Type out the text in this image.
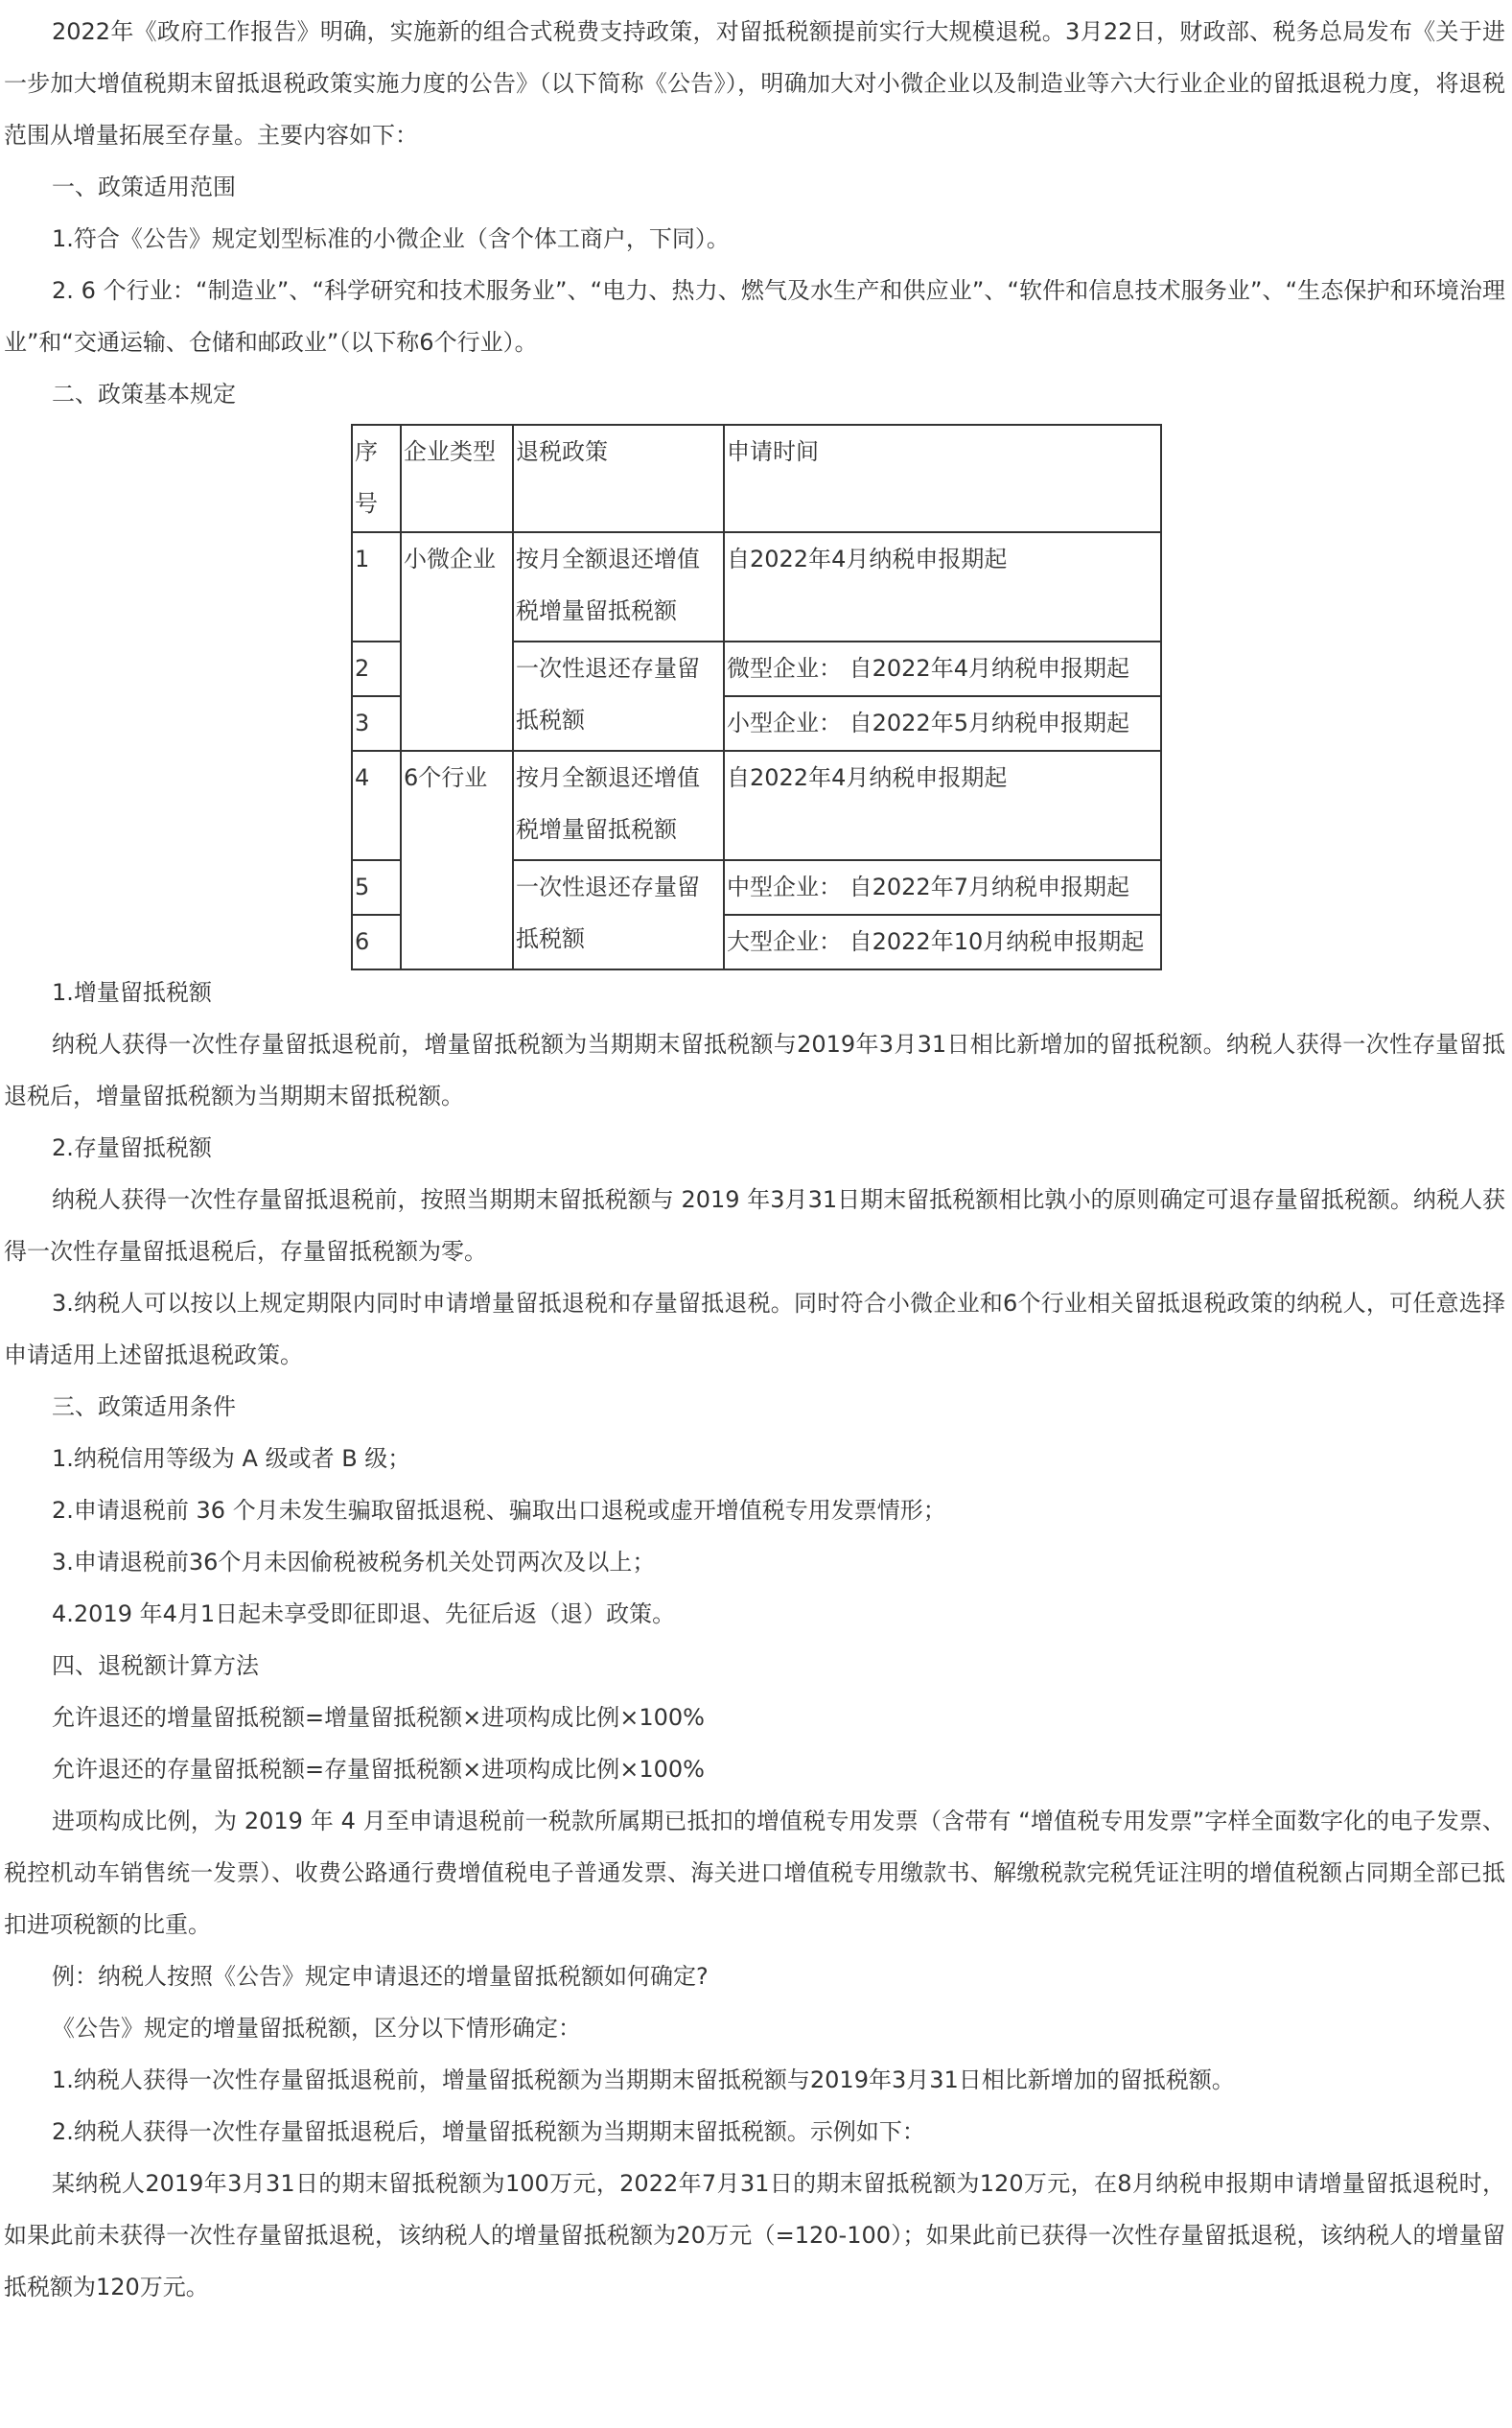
2022年《政府工作报告》明确，实施新的组合式税费支持政策，对留抵税额提前实行大规模退税。3月22日，财政部、税务总局发布《关于进一步加大增值税期末留抵退税政策实施力度的公告》（以下简称《公告》），明确加大对小微企业以及制造业等六大行业企业的留抵退税力度，将退税范围从增量拓展至存量。主要内容如下：

一、政策适用范围

1.符合《公告》规定划型标准的小微企业（含个体工商户，下同）。

2. 6 个行业：“制造业”、“科学研究和技术服务业”、“电力、热力、燃气及水生产和供应业”、“软件和信息技术服务业”、“生态保护和环境治理业”和“交通运输、仓储和邮政业”（以下称6个行业）。

二、政策基本规定

序号	企业类型	退税政策	申请时间
1	小微企业	按月全额退还增值税增量留抵税额	自2022年4月纳税申报期起
2		一次性退还存量留抵税额	微型企业： 自2022年4月纳税申报期起
3			小型企业： 自2022年5月纳税申报期起
4	6个行业	按月全额退还增值税增量留抵税额	自2022年4月纳税申报期起
5		一次性退还存量留抵税额	中型企业： 自2022年7月纳税申报期起
6			大型企业： 自2022年10月纳税申报期起

1.增量留抵税额

纳税人获得一次性存量留抵退税前，增量留抵税额为当期期末留抵税额与2019年3月31日相比新增加的留抵税额。纳税人获得一次性存量留抵退税后，增量留抵税额为当期期末留抵税额。

2.存量留抵税额

纳税人获得一次性存量留抵退税前，按照当期期末留抵税额与 2019 年3月31日期末留抵税额相比孰小的原则确定可退存量留抵税额。纳税人获得一次性存量留抵退税后，存量留抵税额为零。

3.纳税人可以按以上规定期限内同时申请增量留抵退税和存量留抵退税。同时符合小微企业和6个行业相关留抵退税政策的纳税人，可任意选择申请适用上述留抵退税政策。

三、政策适用条件

1.纳税信用等级为 A 级或者 B 级；

2.申请退税前 36 个月未发生骗取留抵退税、骗取出口退税或虚开增值税专用发票情形；

3.申请退税前36个月未因偷税被税务机关处罚两次及以上；

4.2019 年4月1日起未享受即征即退、先征后返（退）政策。

四、退税额计算方法

允许退还的增量留抵税额=增量留抵税额×进项构成比例×100%

允许退还的存量留抵税额=存量留抵税额×进项构成比例×100%

进项构成比例，为 2019 年 4 月至申请退税前一税款所属期已抵扣的增值税专用发票（含带有 “增值税专用发票”字样全面数字化的电子发票、税控机动车销售统一发票）、收费公路通行费增值税电子普通发票、海关进口增值税专用缴款书、解缴税款完税凭证注明的增值税额占同期全部已抵扣进项税额的比重。

例：纳税人按照《公告》规定申请退还的增量留抵税额如何确定?

《公告》规定的增量留抵税额，区分以下情形确定：

1.纳税人获得一次性存量留抵退税前，增量留抵税额为当期期末留抵税额与2019年3月31日相比新增加的留抵税额。

2.纳税人获得一次性存量留抵退税后，增量留抵税额为当期期末留抵税额。示例如下：

某纳税人2019年3月31日的期末留抵税额为100万元，2022年7月31日的期末留抵税额为120万元，在8月纳税申报期申请增量留抵退税时，如果此前未获得一次性存量留抵退税，该纳税人的增量留抵税额为20万元（=120-100）；如果此前已获得一次性存量留抵退税，该纳税人的增量留抵税额为120万元。
